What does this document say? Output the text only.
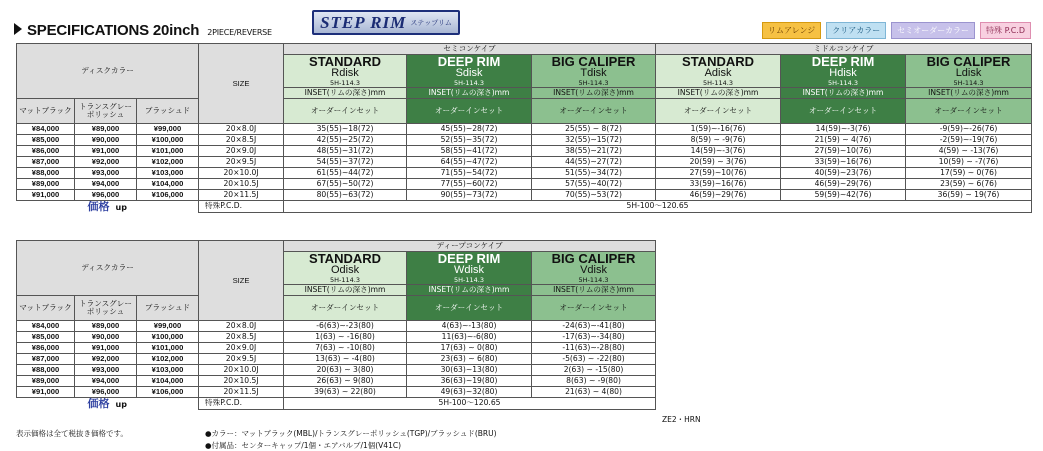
SPECIFICATIONS 20inch 2PIECE/REVERSE
STEP RIM ステップリム
リムアレンジ	クリアカラー	セミオーダーカラー	特殊 P.C.D
ディスクカラー			SIZE	セミコンケイブ			ミドルコンケイブ		

				STANDARD
Rdisk
5H-114.3	DEEP RIM
Sdisk
5H-114.3	BIG CALIPER
Tdisk
5H-114.3	STANDARD
Adisk
5H-114.3	DEEP RIM
Hdisk
5H-114.3	BIG CALIPER
Ldisk
5H-114.3

				INSET(リムの深さ)mm	INSET(リムの深さ)mm	INSET(リムの深さ)mm	INSET(リムの深さ)mm	INSET(リムの深さ)mm	INSET(リムの深さ)mm
マットブラック	トランスグレー
ポリッシュ	ブラッシュド		オーダーインセット	オーダーインセット	オーダーインセット	オーダーインセット	オーダーインセット	オーダーインセット
¥84,000	¥89,000	¥99,000	20×8.0J	35(55)~18(72)	45(55)~28(72)	25(55) ~ 8(72)	1(59)~-16(76)	14(59)~-3(76)	-9(59)~-26(76)
¥85,000	¥90,000	¥100,000	20×8.5J	42(55)~25(72)	52(55)~35(72)	32(55)~15(72)	8(59) ~ -9(76)	21(59) ~ 4(76)	-2(59)~-19(76)
¥86,000	¥91,000	¥101,000	20×9.0J	48(55)~31(72)	58(55)~41(72)	38(55)~21(72)	14(59)~-3(76)	27(59)~10(76)	4(59) ~ -13(76)
¥87,000	¥92,000	¥102,000	20×9.5J	54(55)~37(72)	64(55)~47(72)	44(55)~27(72)	20(59) ~ 3(76)	33(59)~16(76)	10(59) ~ -7(76)
¥88,000	¥93,000	¥103,000	20×10.0J	61(55)~44(72)	71(55)~54(72)	51(55)~34(72)	27(59)~10(76)	40(59)~23(76)	17(59) ~ 0(76)
¥89,000	¥94,000	¥104,000	20×10.5J	67(55)~50(72)	77(55)~60(72)	57(55)~40(72)	33(59)~16(76)	46(59)~29(76)	23(59) ~ 6(76)
¥91,000	¥96,000	¥106,000	20×11.5J	80(55)~63(72)	90(55)~73(72)	70(55)~53(72)	46(59)~29(76)	59(59)~42(76)	36(59) ~ 19(76)
価格 up			特殊P.C.D.	5H-100〜120.65					
ディスクカラー			SIZE	ディープコンケイブ		

				STANDARD
Odisk
5H-114.3	DEEP RIM
Wdisk
5H-114.3	BIG CALIPER
Vdisk
5H-114.3

				INSET(リムの深さ)mm	INSET(リムの深さ)mm	INSET(リムの深さ)mm
マットブラック	トランスグレー
ポリッシュ	ブラッシュド		オーダーインセット	オーダーインセット	オーダーインセット
¥84,000	¥89,000	¥99,000	20×8.0J	-6(63)~-23(80)	4(63)~-13(80)	-24(63)~-41(80)
¥85,000	¥90,000	¥100,000	20×8.5J	1(63) ~ -16(80)	11(63)~-6(80)	-17(63)~-34(80)
¥86,000	¥91,000	¥101,000	20×9.0J	7(63) ~ -10(80)	17(63) ~ 0(80)	-11(63)~-28(80)
¥87,000	¥92,000	¥102,000	20×9.5J	13(63) ~ -4(80)	23(63) ~ 6(80)	-5(63) ~ -22(80)
¥88,000	¥93,000	¥103,000	20×10.0J	20(63) ~ 3(80)	30(63)~13(80)	2(63) ~ -15(80)
¥89,000	¥94,000	¥104,000	20×10.5J	26(63) ~ 9(80)	36(63)~19(80)	8(63) ~ -9(80)
¥91,000	¥96,000	¥106,000	20×11.5J	39(63) ~ 22(80)	49(63)~32(80)	21(63) ~ 4(80)
価格 up			特殊P.C.D.	5H-100〜120.65		
ZE2・HRN
表示価格は全て税抜き価格です。	●カラー：マットブラック(MBL)/トランスグレーポリッシュ(TGP)/ブラッシュド(BRU)
●付属品：センターキャップ/1個・エアバルブ/1個(V41C)
